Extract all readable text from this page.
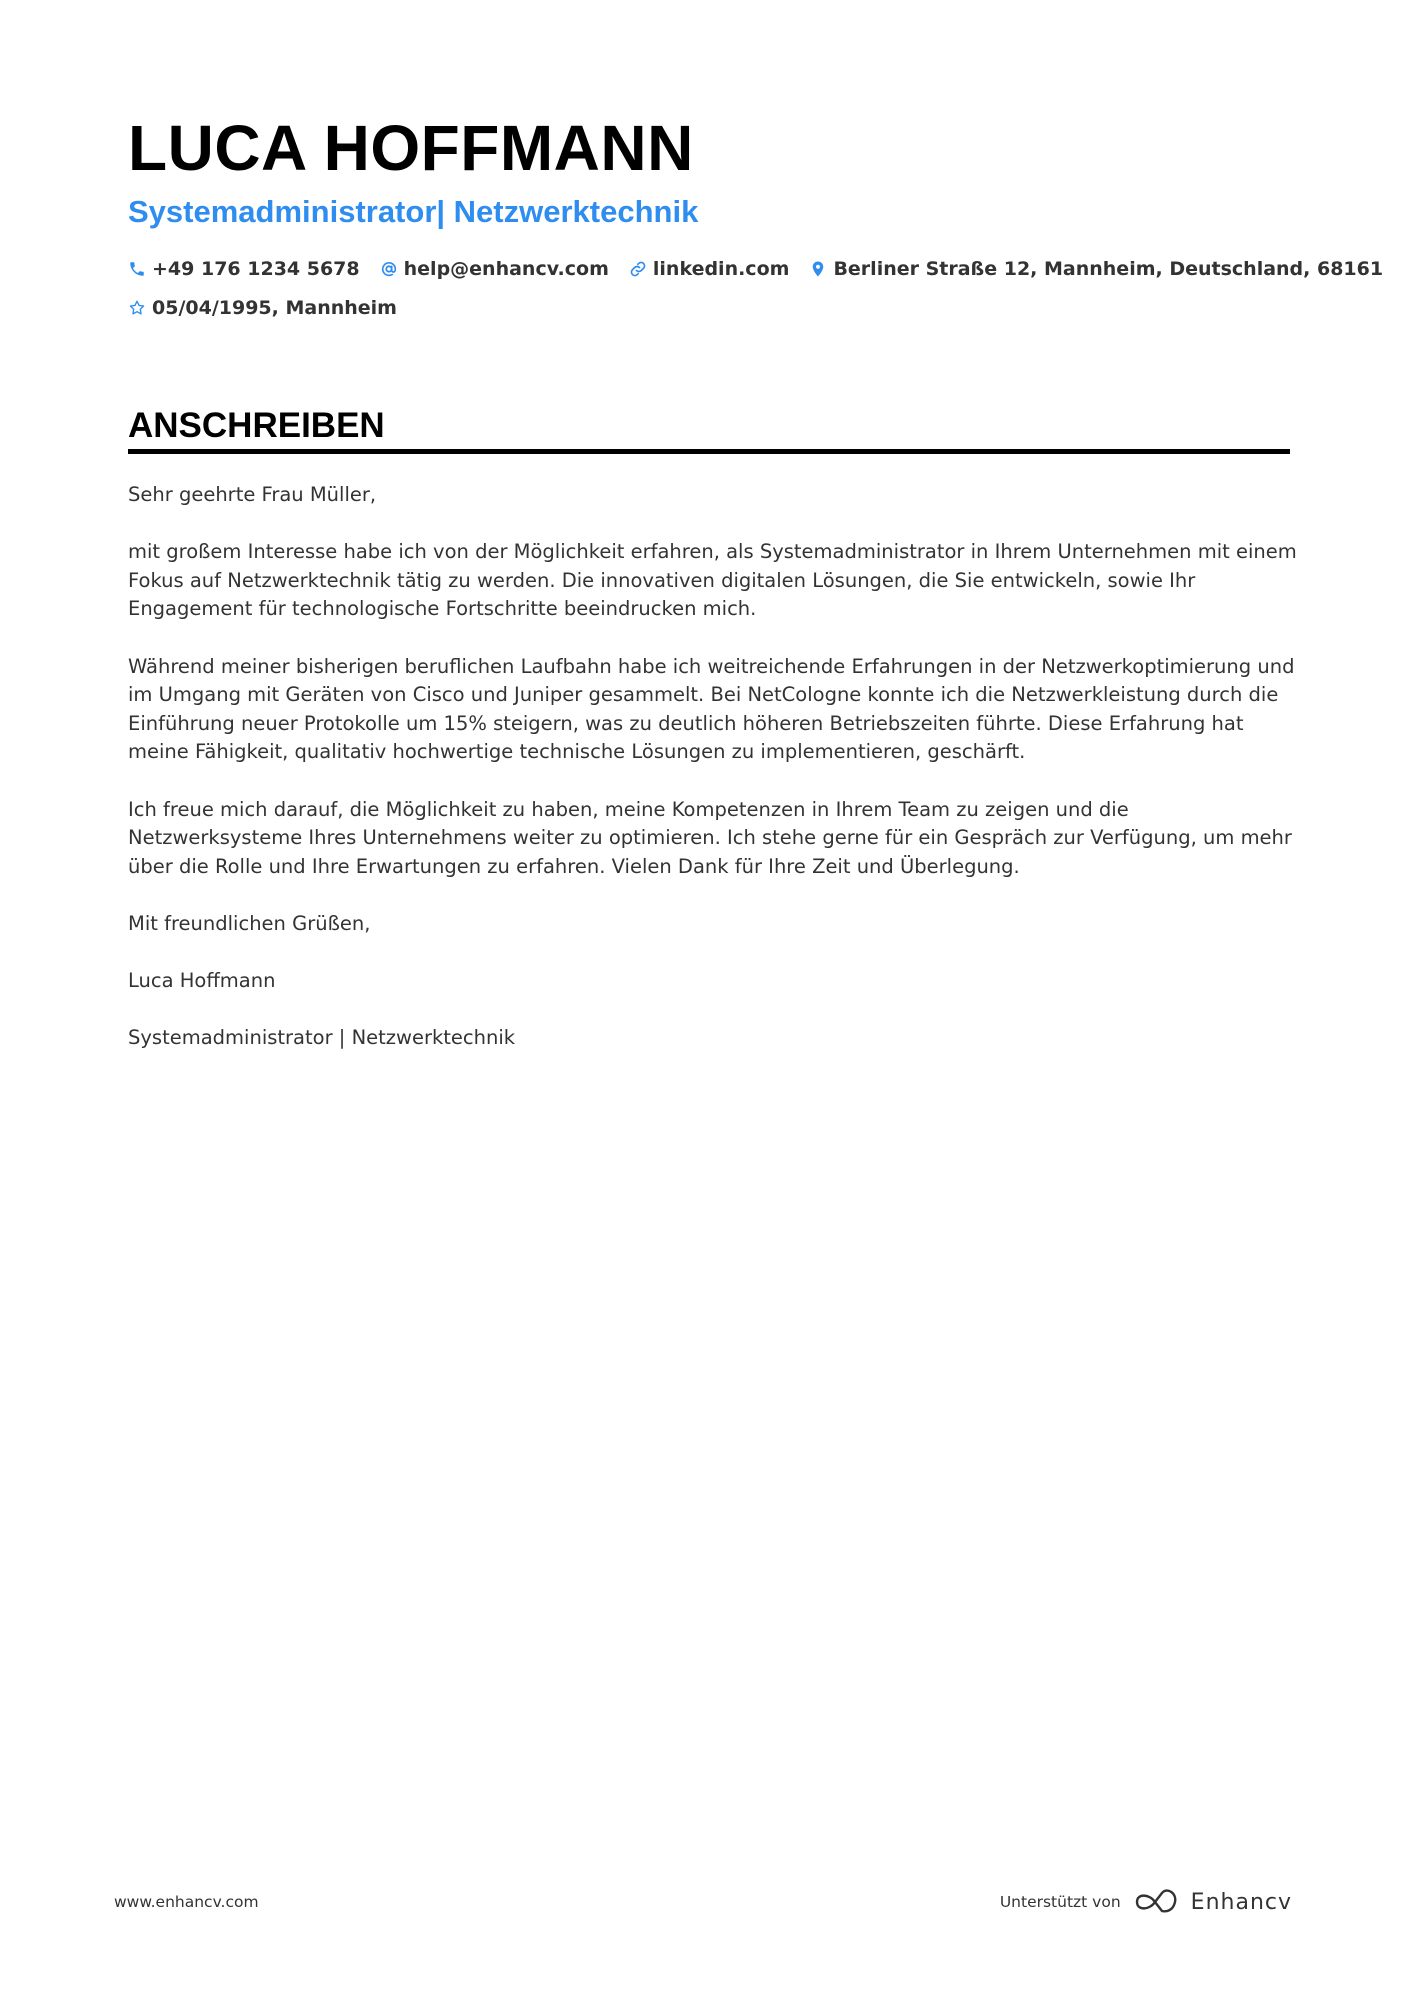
LUCA HOFFMANN
Systemadministrator| Netzwerktechnik
+49 176 1234 5678 help@enhancv.com linkedin.com Berliner Straße 12, Mannheim, Deutschland, 68161
05/04/1995, Mannheim
ANSCHREIBEN

Sehr geehrte Frau Müller,

mit großem Interesse habe ich von der Möglichkeit erfahren, als Systemadministrator in Ihrem Unternehmen mit einem Fokus auf Netzwerktechnik tätig zu werden. Die innovativen digitalen Lösungen, die Sie entwickeln, sowie Ihr Engagement für technologische Fortschritte beeindrucken mich.

Während meiner bisherigen beruflichen Laufbahn habe ich weitreichende Erfahrungen in der Netzwerkoptimierung und im Umgang mit Geräten von Cisco und Juniper gesammelt. Bei NetCologne konnte ich die Netzwerkleistung durch die Einführung neuer Protokolle um 15% steigern, was zu deutlich höheren Betriebszeiten führte. Diese Erfahrung hat meine Fähigkeit, qualitativ hochwertige technische Lösungen zu implementieren, geschärft.

Ich freue mich darauf, die Möglichkeit zu haben, meine Kompetenzen in Ihrem Team zu zeigen und die Netzwerksysteme Ihres Unternehmens weiter zu optimieren. Ich stehe gerne für ein Gespräch zur Verfügung, um mehr über die Rolle und Ihre Erwartungen zu erfahren. Vielen Dank für Ihre Zeit und Überlegung.

Mit freundlichen Grüßen,

Luca Hoffmann

Systemadministrator | Netzwerktechnik

www.enhancv.com	Unterstützt von	Enhancv
